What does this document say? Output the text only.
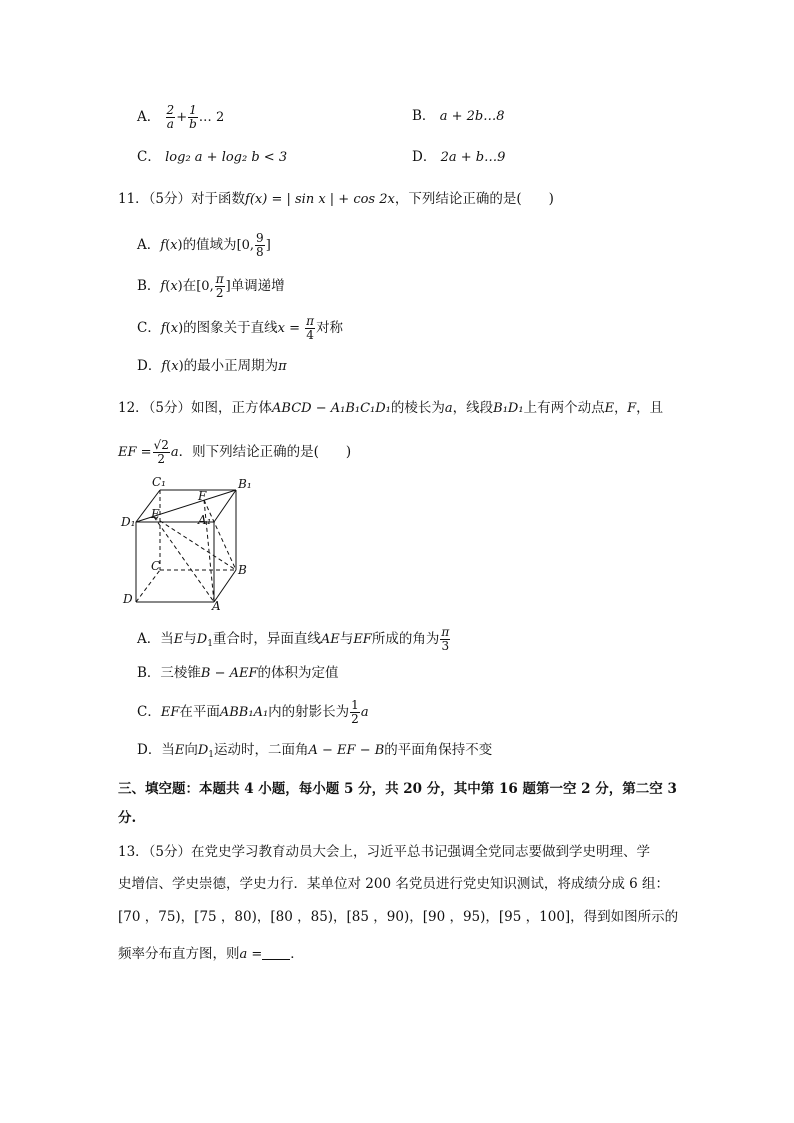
A． $\frac{2}{a} + \frac{1}{b}$ … 2	B． a + 2b…8
C． log₂ a + log₂ b < 3	D． 2a + b…9
11．（5分）对于函数f(x) = | sin x | + cos 2x，下列结论正确的是(　　)
A．f(x)的值域为[0, $\frac{9}{8}$ ]
B．f(x)在[0, $\frac{\pi}{2}$ ]单调递增
C．f(x)的图象关于直线$x = \frac{\pi}{4}$ 对称
D．f(x)的最小正周期为π
12．（5分）如图，正方体ABCD − A₁B₁C₁D₁的棱长为a，线段B₁D₁上有两个动点E，F，且
EF = $\frac{√2}{2}$ a．则下列结论正确的是(　　)
C₁
F
B₁
D₁
E	A₁
C	B
D	A
A．当E与$D_1$重合时，异面直线AE与EF所成的角为 $\frac{\pi}{3}$
B．三棱锥B − AEF的体积为定值
C．EF在平面ABB₁A₁内的射影长为 $\frac{1}{2}$ a
D．当E向$D_1$运动时，二面角A − EF − B的平面角保持不变
三、填空题：本题共 4 小题，每小题 5 分，共 20 分，其中第 16 题第一空 2 分，第二空 3
分.
13．（5分）在党史学习教育动员大会上，习近平总书记强调全党同志要做到学史明理、学
史增信、学史崇德，学史力行．某单位对 200 名党员进行党史知识测试，将成绩分成 6 组：
[70 ，75)，[75 ，80)，[80 ，85)，[85 ，90)，[90 ，95)，[95 ，100]，得到如图所示的
频率分布直方图，则a = ．
